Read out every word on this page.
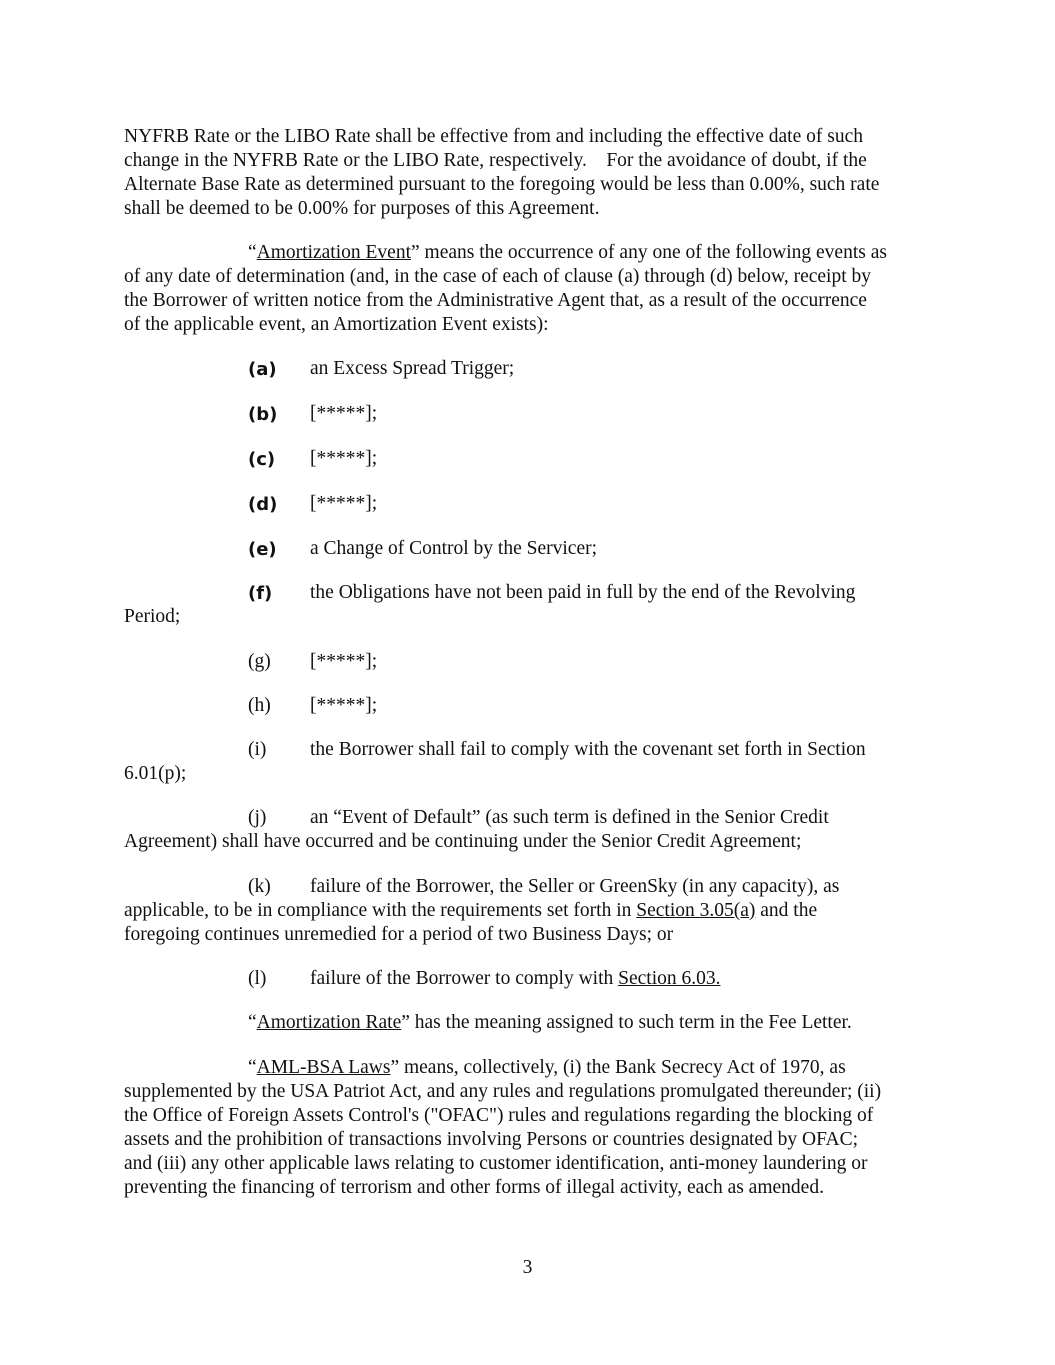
NYFRB Rate or the LIBO Rate shall be effective from and including the effective date of such
change in the NYFRB Rate or the LIBO Rate, respectively.    For the avoidance of doubt, if the
Alternate Base Rate as determined pursuant to the foregoing would be less than 0.00%, such rate
shall be deemed to be 0.00% for purposes of this Agreement.
“Amortization Event” means the occurrence of any one of the following events as
of any date of determination (and, in the case of each of clause (a) through (d) below, receipt by
the Borrower of written notice from the Administrative Agent that, as a result of the occurrence
of the applicable event, an Amortization Event exists):
(a) an Excess Spread Trigger;
(b) [*****];
(c) [*****];
(d) [*****];
(e) a Change of Control by the Servicer;
(f) the Obligations have not been paid in full by the end of the Revolving
Period;
(g) [*****];
(h) [*****];
(i) the Borrower shall fail to comply with the covenant set forth in Section
6.01(p);
(j) an “Event of Default” (as such term is defined in the Senior Credit
Agreement) shall have occurred and be continuing under the Senior Credit Agreement;
(k) failure of the Borrower, the Seller or GreenSky (in any capacity), as
applicable, to be in compliance with the requirements set forth in Section 3.05(a) and the
foregoing continues unremedied for a period of two Business Days; or
(l) failure of the Borrower to comply with Section 6.03.
“Amortization Rate” has the meaning assigned to such term in the Fee Letter.
“AML-BSA Laws” means, collectively, (i) the Bank Secrecy Act of 1970, as
supplemented by the USA Patriot Act, and any rules and regulations promulgated thereunder; (ii)
the Office of Foreign Assets Control's ("OFAC") rules and regulations regarding the blocking of
assets and the prohibition of transactions involving Persons or countries designated by OFAC;
and (iii) any other applicable laws relating to customer identification, anti-money laundering or
preventing the financing of terrorism and other forms of illegal activity, each as amended.
3
